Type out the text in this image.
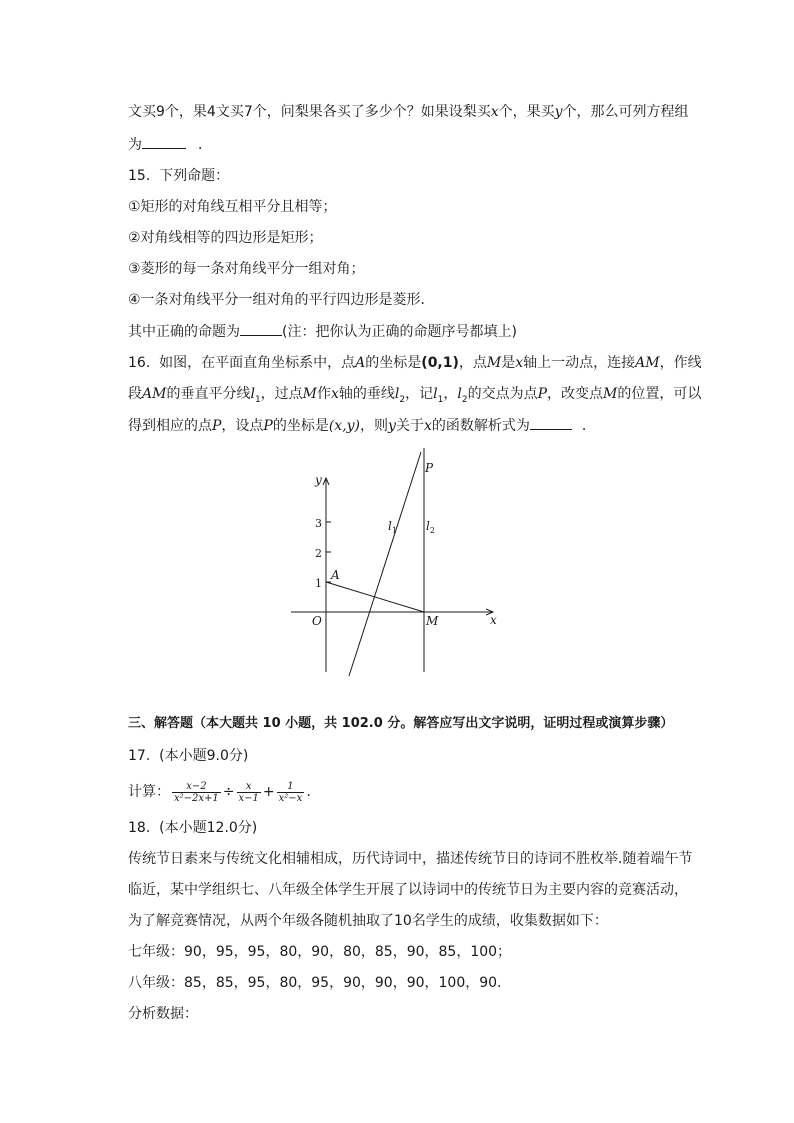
文买9个，果4文买7个，问梨果各买了多少个？如果设梨买x个，果买y个，那么可列方程组
为	．
15. 下列命题：
①矩形的对角线互相平分且相等；
②对角线相等的四边形是矩形；
③菱形的每一条对角线平分一组对角；
④一条对角线平分一组对角的平行四边形是菱形．
其中正确的命题为	(注：把你认为正确的命题序号都填上)
16. 如图，在平面直角坐标系中，点A的坐标是(0,1)，点M是x轴上一动点，连接AM，作线
段AM的垂直平分线$l_1$，过点M作x轴的垂线$l_2$，记$l_1$，$l_2$的交点为点P，改变点M的位置，可以
得到相应的点P，设点P的坐标是(x,y)，则y关于x的函数解析式为	．
y
x
O	M
A
P
1
2
3	$l_1$ $l_2$
三、解答题（本大题共 10 小题，共 102.0 分。解答应写出文字说明，证明过程或演算步骤）
17. (本小题9.0分)
计算： $\frac{x-2}{\text{x²−2x+1}} \div \frac{x}{x-1} + \frac{1}{\text{x²−x}}$ .
18. (本小题12.0分)
传统节日素来与传统文化相辅相成，历代诗词中，描述传统节日的诗词不胜枚举.随着端午节
临近，某中学组织七、八年级全体学生开展了以诗词中的传统节日为主要内容的竞赛活动，
为了解竞赛情况，从两个年级各随机抽取了10名学生的成绩，收集数据如下：
七年级：90，95，95，80，90，80，85，90，85，100；
八年级：85，85，95，80，95，90，90，90，100，90.
分析数据：
